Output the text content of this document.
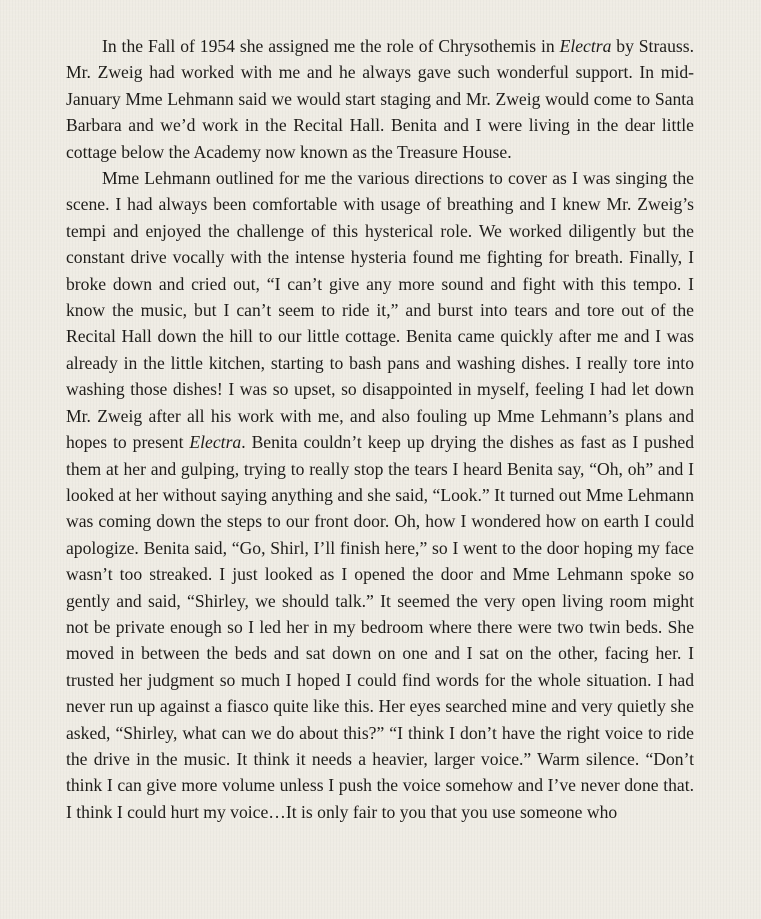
In the Fall of 1954 she assigned me the role of Chrysothemis in Electra by Strauss. Mr. Zweig had worked with me and he always gave such wonderful support. In mid-January Mme Lehmann said we would start staging and Mr. Zweig would come to Santa Barbara and we’d work in the Recital Hall. Benita and I were living in the dear little cottage below the Academy now known as the Treasure House.

Mme Lehmann outlined for me the various directions to cover as I was singing the scene. I had always been comfortable with usage of breathing and I knew Mr. Zweig’s tempi and enjoyed the challenge of this hysterical role. We worked diligently but the constant drive vocally with the intense hysteria found me fighting for breath. Finally, I broke down and cried out, “I can’t give any more sound and fight with this tempo. I know the music, but I can’t seem to ride it,” and burst into tears and tore out of the Recital Hall down the hill to our little cottage. Benita came quickly after me and I was already in the little kitchen, starting to bash pans and washing dishes. I really tore into washing those dishes! I was so upset, so disappointed in myself, feeling I had let down Mr. Zweig after all his work with me, and also fouling up Mme Lehmann’s plans and hopes to present Electra. Benita couldn’t keep up drying the dishes as fast as I pushed them at her and gulping, trying to really stop the tears I heard Benita say, “Oh, oh” and I looked at her without saying anything and she said, “Look.” It turned out Mme Lehmann was coming down the steps to our front door. Oh, how I wondered how on earth I could apologize. Benita said, “Go, Shirl, I’ll finish here,” so I went to the door hoping my face wasn’t too streaked. I just looked as I opened the door and Mme Lehmann spoke so gently and said, “Shirley, we should talk.” It seemed the very open living room might not be private enough so I led her in my bedroom where there were two twin beds. She moved in between the beds and sat down on one and I sat on the other, facing her. I trusted her judgment so much I hoped I could find words for the whole situation. I had never run up against a fiasco quite like this. Her eyes searched mine and very quietly she asked, “Shirley, what can we do about this?” “I think I don’t have the right voice to ride the drive in the music. It think it needs a heavier, larger voice.” Warm silence. “Don’t think I can give more volume unless I push the voice somehow and I’ve never done that. I think I could hurt my voice…It is only fair to you that you use someone who
